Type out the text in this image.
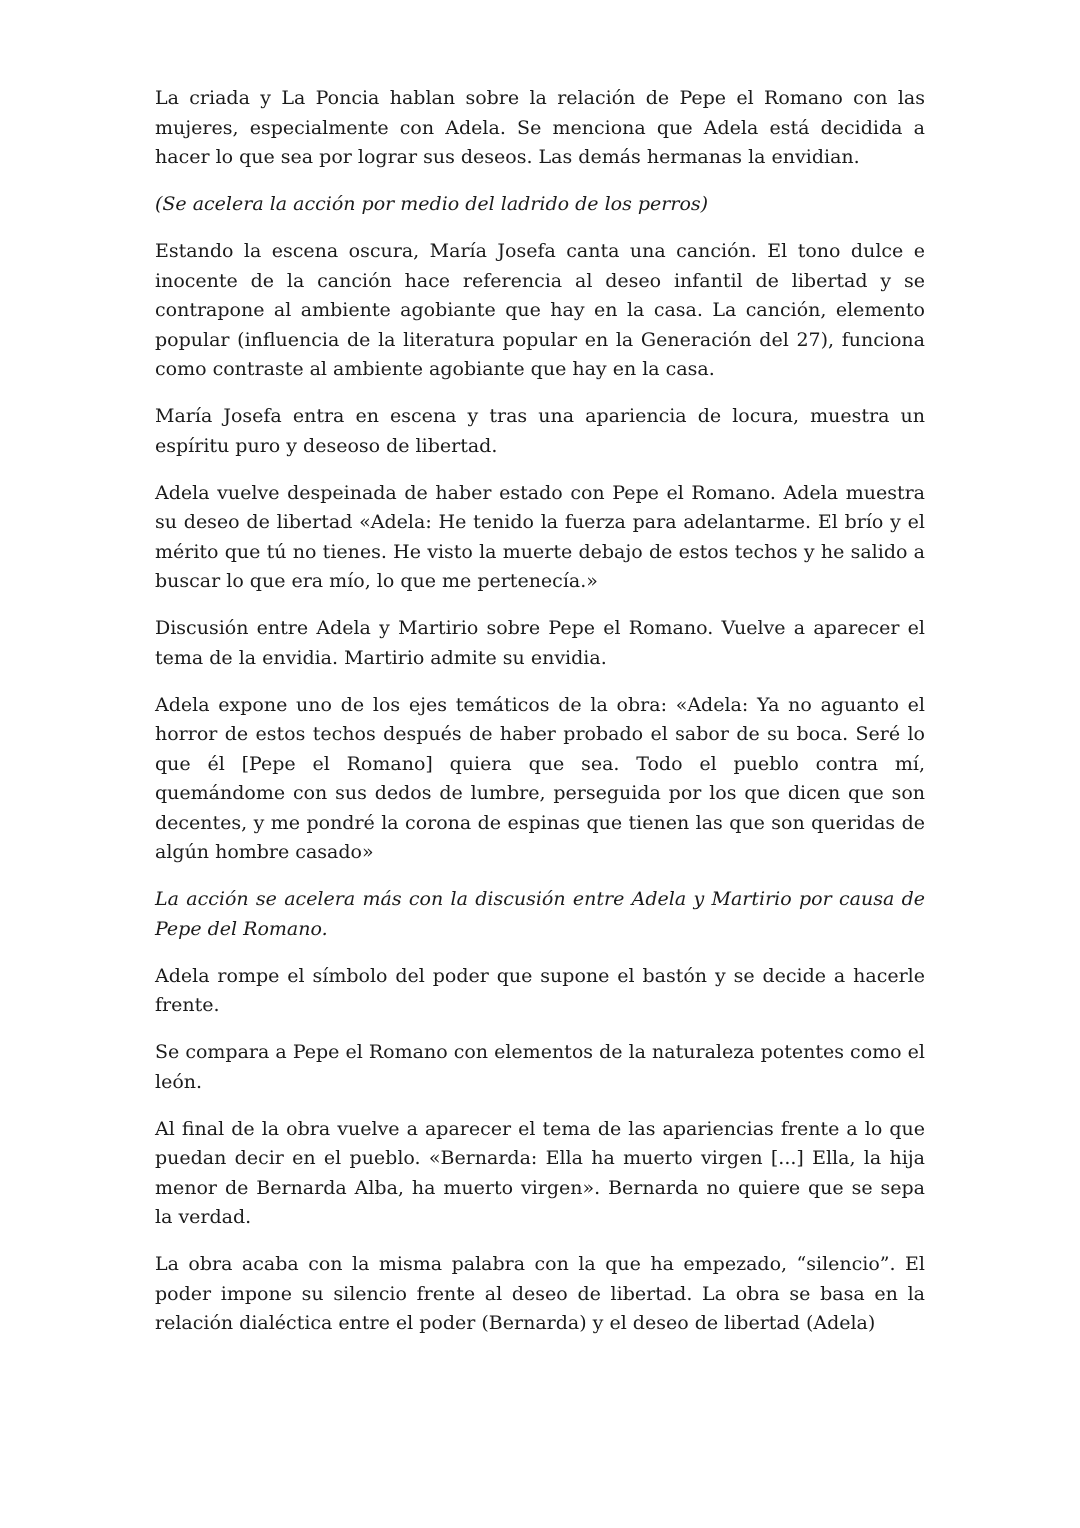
La criada y La Poncia hablan sobre la relación de Pepe el Romano con las mujeres, especialmente con Adela. Se menciona que Adela está decidida a hacer lo que sea por lograr sus deseos. Las demás hermanas la envidian.

(Se acelera la acción por medio del ladrido de los perros)

Estando la escena oscura, María Josefa canta una canción. El tono dulce e inocente de la canción hace referencia al deseo infantil de libertad y se contrapone al ambiente agobiante que hay en la casa. La canción, elemento popular (influencia de la literatura popular en la Generación del 27), funciona como contraste al ambiente agobiante que hay en la casa.

María Josefa entra en escena y tras una apariencia de locura, muestra un espíritu puro y deseoso de libertad.

Adela vuelve despeinada de haber estado con Pepe el Romano. Adela muestra su deseo de libertad «Adela: He tenido la fuerza para adelantarme. El brío y el mérito que tú no tienes. He visto la muerte debajo de estos techos y he salido a buscar lo que era mío, lo que me pertenecía.»

Discusión entre Adela y Martirio sobre Pepe el Romano. Vuelve a aparecer el tema de la envidia. Martirio admite su envidia.

Adela expone uno de los ejes temáticos de la obra: «Adela: Ya no aguanto el horror de estos techos después de haber probado el sabor de su boca. Seré lo que él [Pepe el Romano] quiera que sea. Todo el pueblo contra mí, quemándome con sus dedos de lumbre, perseguida por los que dicen que son decentes, y me pondré la corona de espinas que tienen las que son queridas de algún hombre casado»

La acción se acelera más con la discusión entre Adela y Martirio por causa de Pepe del Romano.

Adela rompe el símbolo del poder que supone el bastón y se decide a hacerle frente.

Se compara a Pepe el Romano con elementos de la naturaleza potentes como el león.

Al final de la obra vuelve a aparecer el tema de las apariencias frente a lo que puedan decir en el pueblo. «Bernarda: Ella ha muerto virgen [...] Ella, la hija menor de Bernarda Alba, ha muerto virgen». Bernarda no quiere que se sepa la verdad.

La obra acaba con la misma palabra con la que ha empezado, “silencio”. El poder impone su silencio frente al deseo de libertad. La obra se basa en la relación dialéctica entre el poder (Bernarda) y el deseo de libertad (Adela)
